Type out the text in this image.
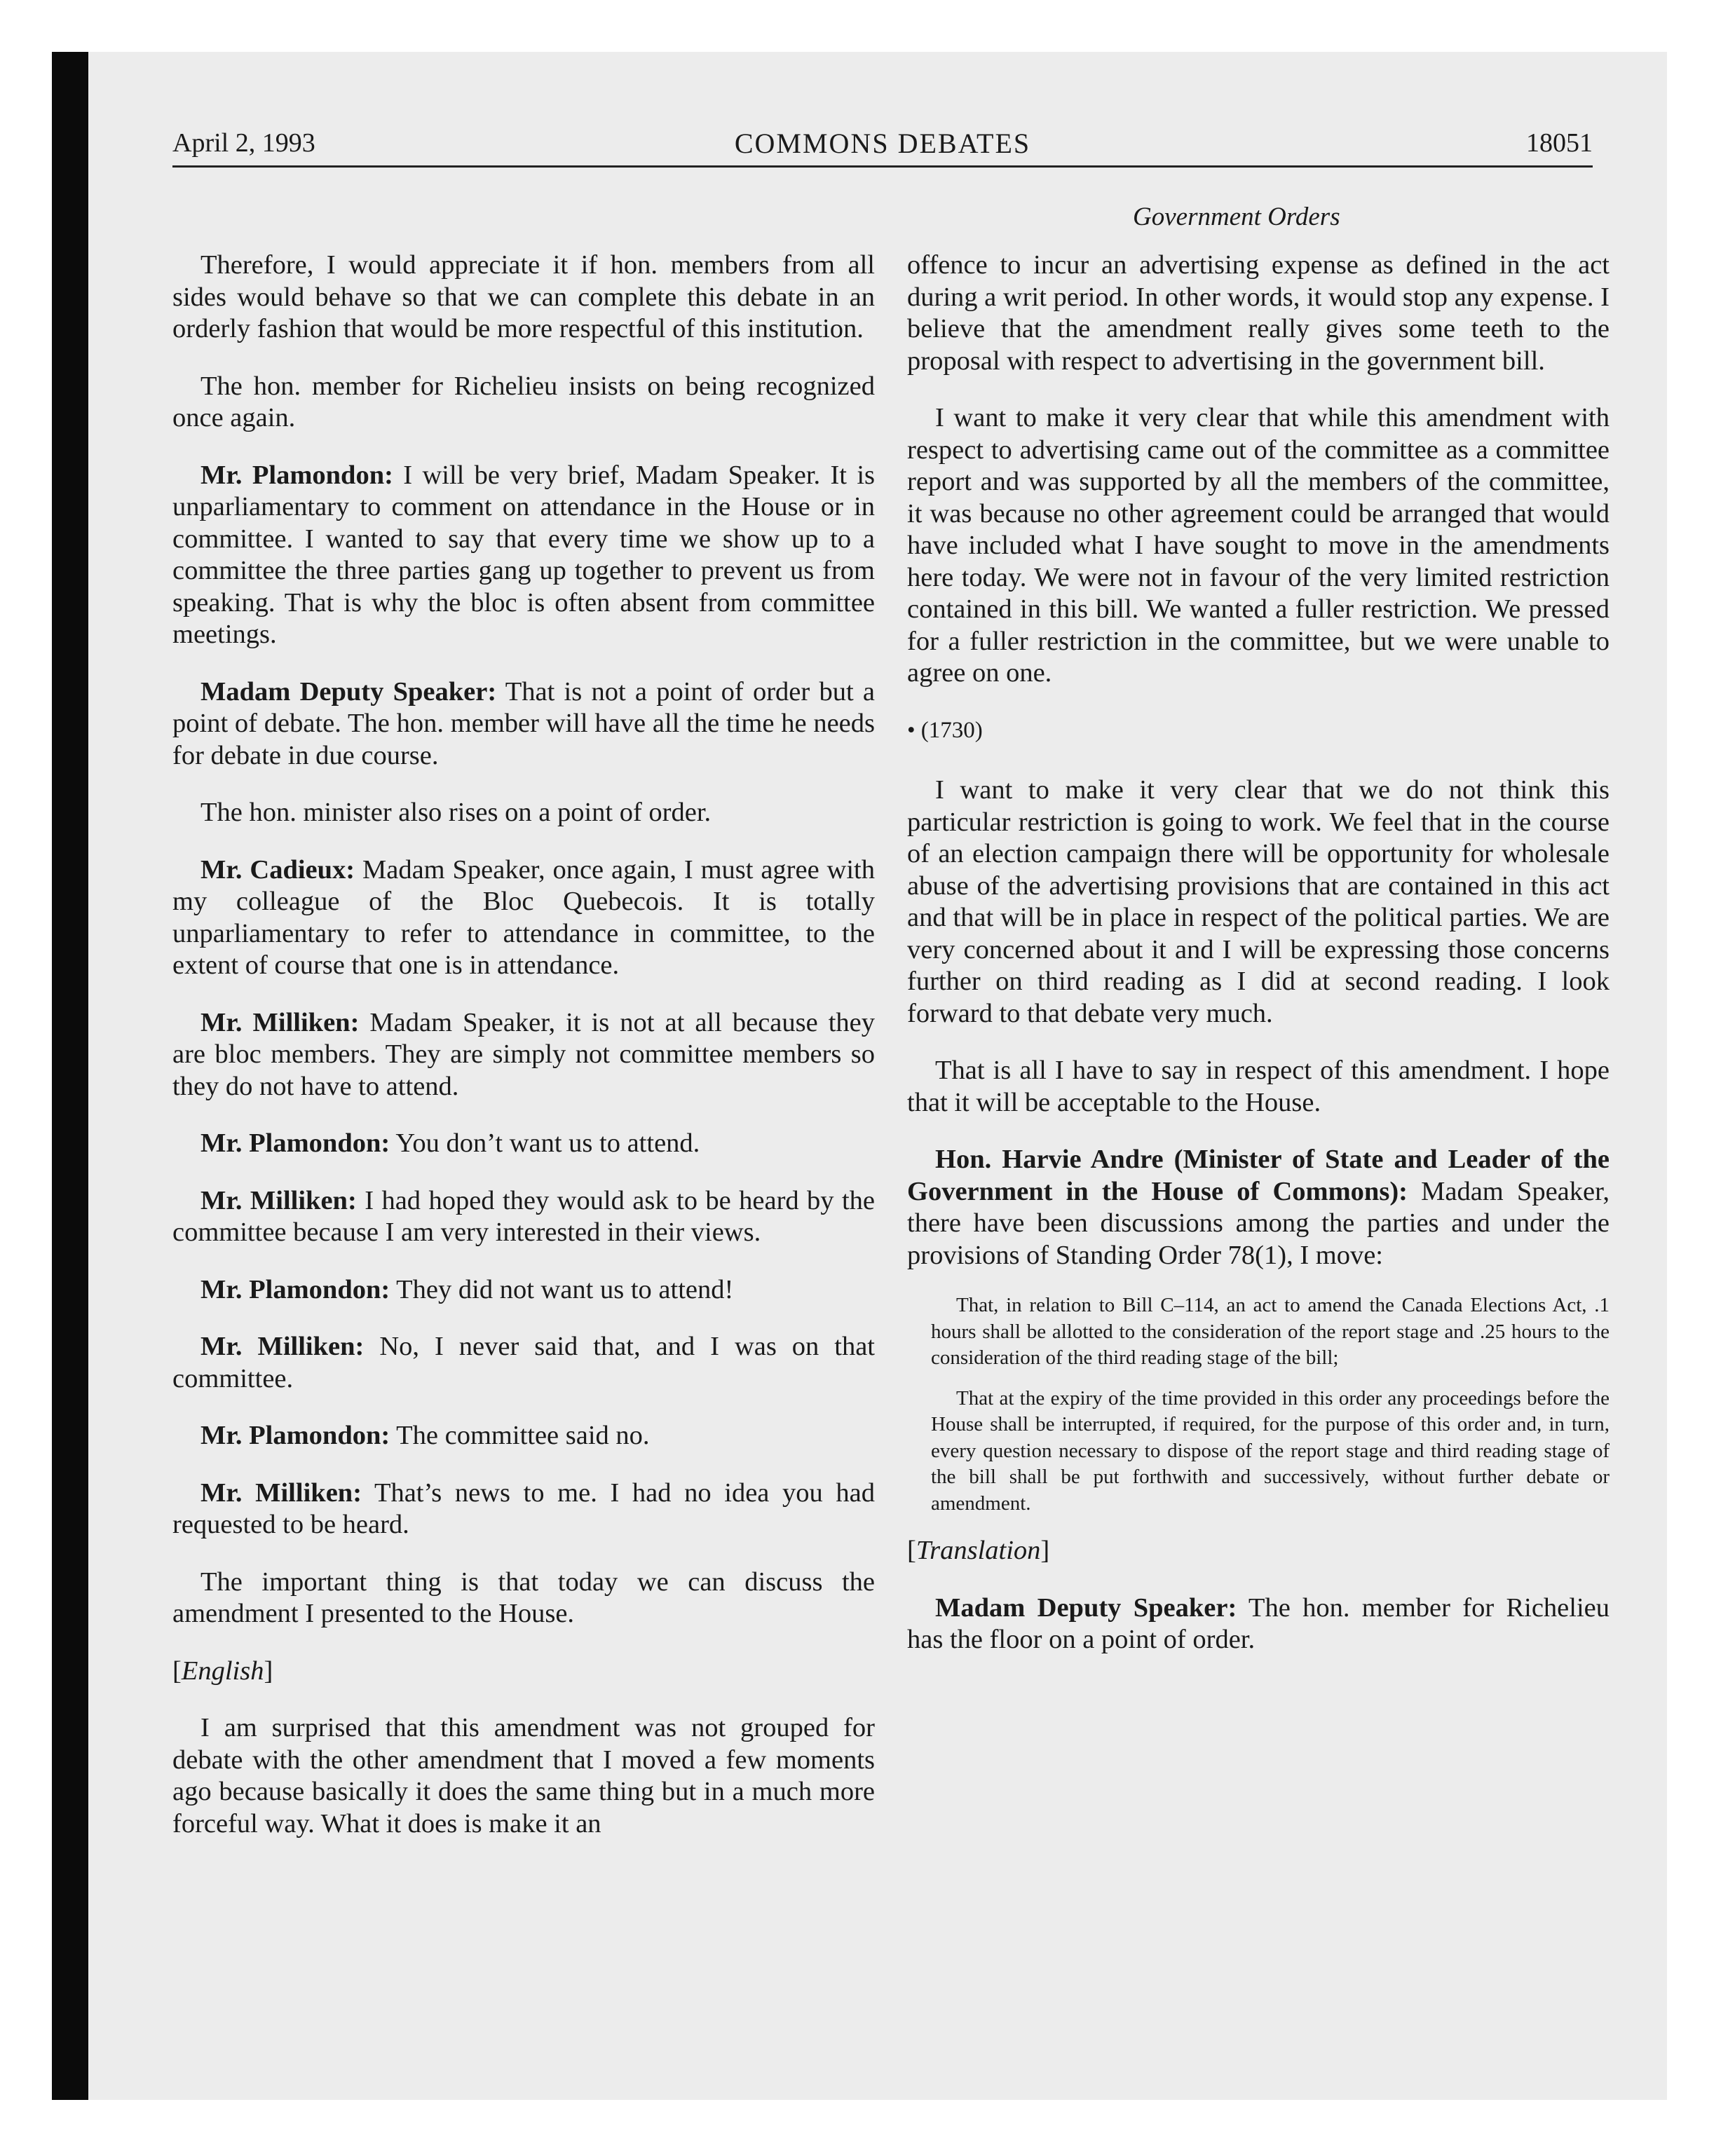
April 2, 1993	COMMONS DEBATES	18051
Government Orders

Therefore, I would appreciate it if hon. members from all sides would behave so that we can complete this debate in an orderly fashion that would be more respectful of this institution.

The hon. member for Richelieu insists on being recognized once again.

Mr. Plamondon: I will be very brief, Madam Speaker. It is unparliamentary to comment on attendance in the House or in committee. I wanted to say that every time we show up to a committee the three parties gang up together to prevent us from speaking. That is why the bloc is often absent from committee meetings.

Madam Deputy Speaker: That is not a point of order but a point of debate. The hon. member will have all the time he needs for debate in due course.

The hon. minister also rises on a point of order.

Mr. Cadieux: Madam Speaker, once again, I must agree with my colleague of the Bloc Quebecois. It is totally unparliamentary to refer to attendance in committee, to the extent of course that one is in attendance.

Mr. Milliken: Madam Speaker, it is not at all because they are bloc members. They are simply not committee members so they do not have to attend.

Mr. Plamondon: You don’t want us to attend.

Mr. Milliken: I had hoped they would ask to be heard by the committee because I am very interested in their views.

Mr. Plamondon: They did not want us to attend!

Mr. Milliken: No, I never said that, and I was on that committee.

Mr. Plamondon: The committee said no.

Mr. Milliken: That’s news to me. I had no idea you had requested to be heard.

The important thing is that today we can discuss the amendment I presented to the House.

[English]

I am surprised that this amendment was not grouped for debate with the other amendment that I moved a few moments ago because basically it does the same thing but in a much more forceful way. What it does is make it an

offence to incur an advertising expense as defined in the act during a writ period. In other words, it would stop any expense. I believe that the amendment really gives some teeth to the proposal with respect to advertising in the government bill.

I want to make it very clear that while this amendment with respect to advertising came out of the committee as a committee report and was supported by all the members of the committee, it was because no other agreement could be arranged that would have included what I have sought to move in the amendments here today. We were not in favour of the very limited restriction contained in this bill. We wanted a fuller restriction. We pressed for a fuller restriction in the committee, but we were unable to agree on one.

• (1730)

I want to make it very clear that we do not think this particular restriction is going to work. We feel that in the course of an election campaign there will be opportunity for wholesale abuse of the advertising provisions that are contained in this act and that will be in place in respect of the political parties. We are very concerned about it and I will be expressing those concerns further on third reading as I did at second reading. I look forward to that debate very much.

That is all I have to say in respect of this amendment. I hope that it will be acceptable to the House.

Hon. Harvie Andre (Minister of State and Leader of the Government in the House of Commons): Madam Speaker, there have been discussions among the parties and under the provisions of Standing Order 78(1), I move:

That, in relation to Bill C–114, an act to amend the Canada Elections Act, .1 hours shall be allotted to the consideration of the report stage and .25 hours to the consideration of the third reading stage of the bill;

That at the expiry of the time provided in this order any proceedings before the House shall be interrupted, if required, for the purpose of this order and, in turn, every question necessary to dispose of the report stage and third reading stage of the bill shall be put forthwith and successively, without further debate or amendment.

[Translation]

Madam Deputy Speaker: The hon. member for Richelieu has the floor on a point of order.
